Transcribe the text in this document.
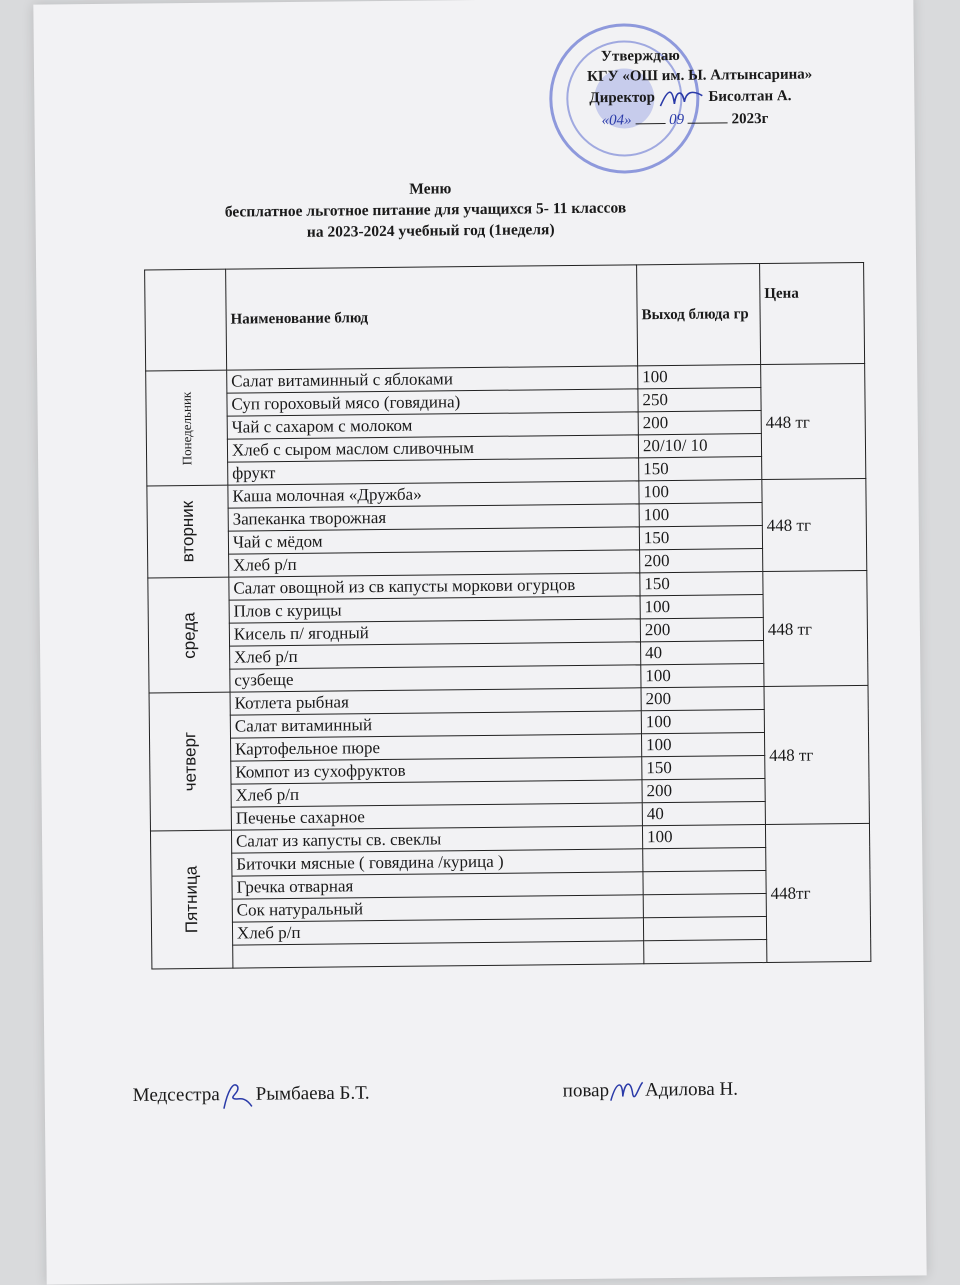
Утверждаю
КГУ «ОШ им. Ы. Алтынсарина»
Директор	Бисолтан А.
«04» 09	2023г
Меню
бесплатное льготное питание для учащихся 5- 11 классов
на 2023-2024 учебный год (1неделя)
	Наименование блюд	Выход блюда гр	Цена
Понедельник	Салат витаминный с яблоками	100	448 тг
	Суп гороховый мясо (говядина)	250	
	Чай с сахаром с молоком	200	
	Хлеб с сыром маслом сливочным	20/10/ 10	
	фрукт	150	
вторник	Каша молочная «Дружба»	100	448 тг
	Запеканка творожная	100	
	Чай с мёдом	150	
	Хлеб р/п	200	
среда	Салат овощной из св капусты моркови огурцов	150	448 тг
	Плов с курицы	100	
	Кисель п/ ягодный	200	
	Хлеб р/п	40	
	сузбеще	100	
четверг	Котлета рыбная	200	448 тг
	Салат витаминный	100	
	Картофельное пюре	100	
	Компот из сухофруктов	150	
	Хлеб р/п	200	
	Печенье сахарное	40	
Пятница	Салат из капусты св. свеклы	100	448тг
	Биточки мясные ( говядина /курица )		
	Гречка отварная		
	Сок натуральный		
	Хлеб р/п		

Медсестра Рымбаева Б.Т.	повар Адилова Н.
